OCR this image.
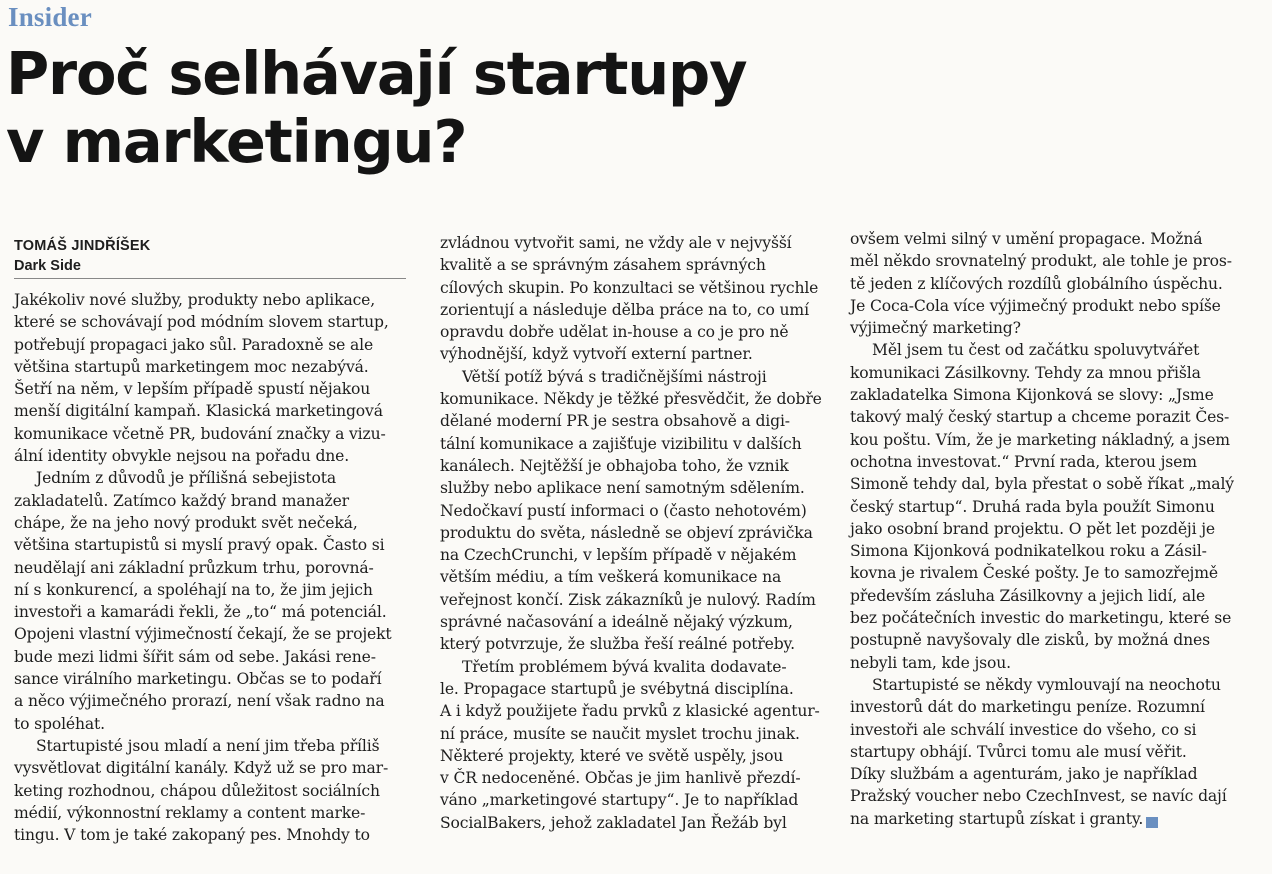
Insider
Proč selhávají startupy
v marketingu?
TOMÁŠ JINDŘÍŠEK
Dark Side

Jakékoliv nové služby, produkty nebo aplikace,
které se schovávají pod módním slovem startup,
potřebují propagaci jako sůl. Paradoxně se ale
většina startupů marketingem moc nezabývá.
Šetří na něm, v lepším případě spustí nějakou
menší digitální kampaň. Klasická marketingová
komunikace včetně PR, budování značky a vizu-
ální identity obvykle nejsou na pořadu dne.

Jedním z důvodů je přílišná sebejistota
zakladatelů. Zatímco každý brand manažer
chápe, že na jeho nový produkt svět nečeká,
většina startupistů si myslí pravý opak. Často si
neudělají ani základní průzkum trhu, porovná-
ní s konkurencí, a spoléhají na to, že jim jejich
investoři a kamarádi řekli, že „to“ má potenciál.
Opojeni vlastní výjimečností čekají, že se projekt
bude mezi lidmi šířit sám od sebe. Jakási rene-
sance virálního marketingu. Občas se to podaří
a něco výjimečného prorazí, není však radno na
to spoléhat.

Startupisté jsou mladí a není jim třeba příliš
vysvětlovat digitální kanály. Když už se pro mar-
keting rozhodnou, chápou důležitost sociálních
médií, výkonnostní reklamy a content marke-
tingu. V tom je také zakopaný pes. Mnohdy to

zvládnou vytvořit sami, ne vždy ale v nejvyšší
kvalitě a se správným zásahem správných
cílových skupin. Po konzultaci se většinou rychle
zorientují a následuje dělba práce na to, co umí
opravdu dobře udělat in-house a co je pro ně
výhodnější, když vytvoří externí partner.

Větší potíž bývá s tradičnějšími nástroji
komunikace. Někdy je těžké přesvědčit, že dobře
dělané moderní PR je sestra obsahově a digi-
tální komunikace a zajišťuje vizibilitu v dalších
kanálech. Nejtěžší je obhajoba toho, že vznik
služby nebo aplikace není samotným sdělením.
Nedočkaví pustí informaci o (často nehotovém)
produktu do světa, následně se objeví zprávička
na CzechCrunchi, v lepším případě v nějakém
větším médiu, a tím veškerá komunikace na
veřejnost končí. Zisk zákazníků je nulový. Radím
správné načasování a ideálně nějaký výzkum,
který potvrzuje, že služba řeší reálné potřeby.

Třetím problémem bývá kvalita dodavate-
le. Propagace startupů je svébytná disciplína.
A i když použijete řadu prvků z klasické agentur-
ní práce, musíte se naučit myslet trochu jinak.
Některé projekty, které ve světě uspěly, jsou
v ČR nedoceněné. Občas je jim hanlivě přezdí-
váno „marketingové startupy“. Je to například
SocialBakers, jehož zakladatel Jan Řežáb byl

ovšem velmi silný v umění propagace. Možná
měl někdo srovnatelný produkt, ale tohle je pros-
tě jeden z klíčových rozdílů globálního úspěchu.
Je Coca-Cola více výjimečný produkt nebo spíše
výjimečný marketing?

Měl jsem tu čest od začátku spoluvytvářet
komunikaci Zásilkovny. Tehdy za mnou přišla
zakladatelka Simona Kijonková se slovy: „Jsme
takový malý český startup a chceme porazit Čes-
kou poštu. Vím, že je marketing nákladný, a jsem
ochotna investovat.“ První rada, kterou jsem
Simoně tehdy dal, byla přestat o sobě říkat „malý
český startup“. Druhá rada byla použít Simonu
jako osobní brand projektu. O pět let později je
Simona Kijonková podnikatelkou roku a Zásil-
kovna je rivalem České pošty. Je to samozřejmě
především zásluha Zásilkovny a jejich lidí, ale
bez počátečních investic do marketingu, které se
postupně navyšovaly dle zisků, by možná dnes
nebyli tam, kde jsou.

Startupisté se někdy vymlouvají na neochotu
investorů dát do marketingu peníze. Rozumní
investoři ale schválí investice do všeho, co si
startupy obhájí. Tvůrci tomu ale musí věřit.
Díky službám a agenturám, jako je například
Pražský voucher nebo CzechInvest, se navíc dají
na marketing startupů získat i granty.	M
